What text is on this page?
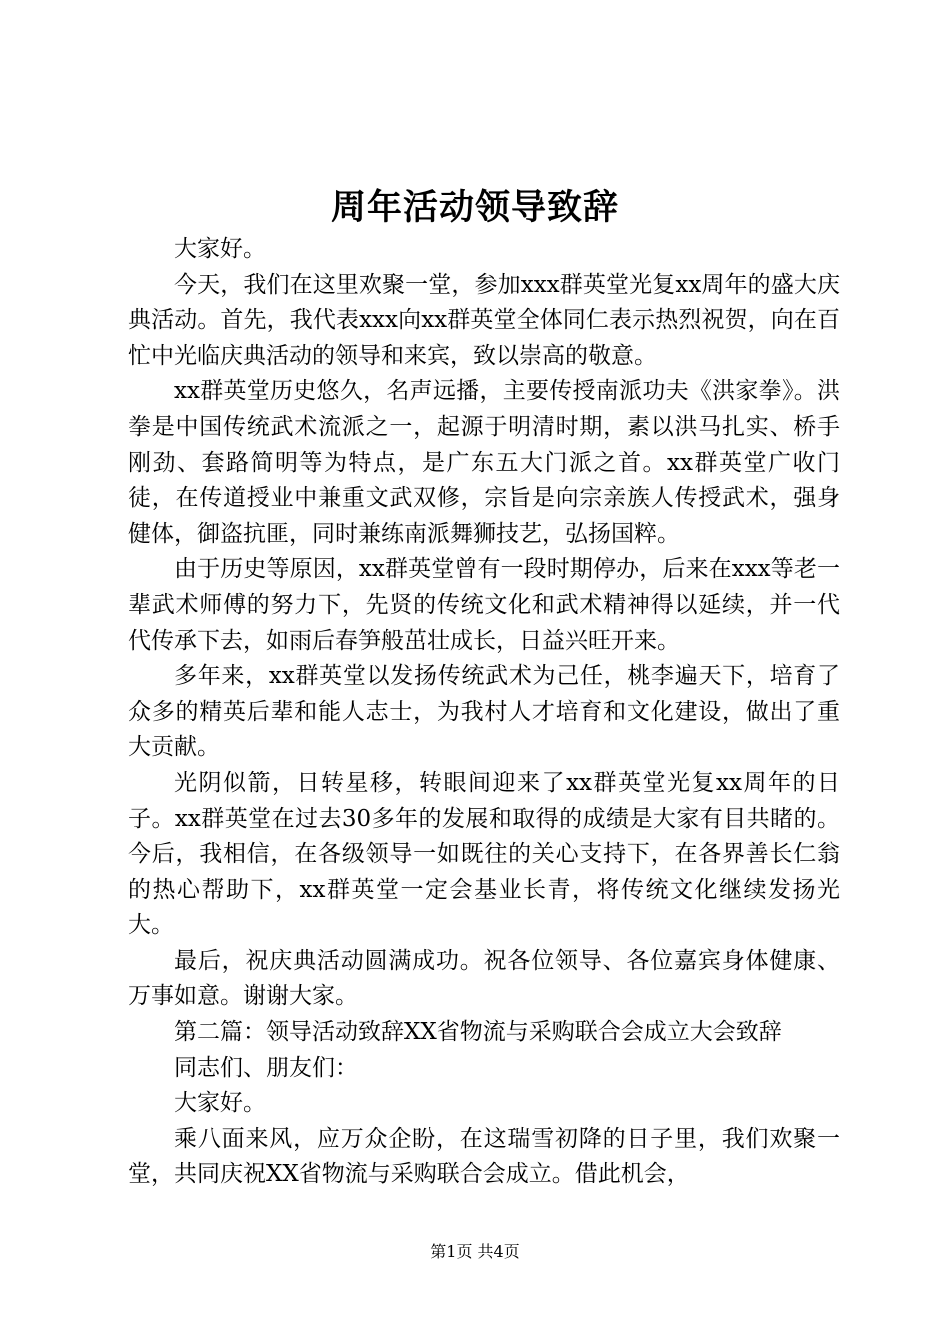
周年活动领导致辞

大家好。

今天，我们在这里欢聚一堂，参加xxx群英堂光复xx周年的盛大庆典活动。首先，我代表xxx向xx群英堂全体同仁表示热烈祝贺，向在百忙中光临庆典活动的领导和来宾，致以崇高的敬意。

xx群英堂历史悠久，名声远播，主要传授南派功夫《洪家拳》。洪拳是中国传统武术流派之一，起源于明清时期，素以洪马扎实、桥手刚劲、套路简明等为特点，是广东五大门派之首。xx群英堂广收门徒，在传道授业中兼重文武双修，宗旨是向宗亲族人传授武术，强身健体，御盗抗匪，同时兼练南派舞狮技艺，弘扬国粹。

由于历史等原因，xx群英堂曾有一段时期停办，后来在xxx等老一辈武术师傅的努力下，先贤的传统文化和武术精神得以延续，并一代代传承下去，如雨后春笋般茁壮成长，日益兴旺开来。

多年来，xx群英堂以发扬传统武术为己任，桃李遍天下，培育了众多的精英后辈和能人志士，为我村人才培育和文化建设，做出了重大贡献。

光阴似箭，日转星移，转眼间迎来了xx群英堂光复xx周年的日子。xx群英堂在过去30多年的发展和取得的成绩是大家有目共睹的。今后，我相信，在各级领导一如既往的关心支持下，在各界善长仁翁的热心帮助下，xx群英堂一定会基业长青，将传统文化继续发扬光大。

最后，祝庆典活动圆满成功。祝各位领导、各位嘉宾身体健康、万事如意。谢谢大家。

第二篇：领导活动致辞XX省物流与采购联合会成立大会致辞

同志们、朋友们：

大家好。

乘八面来风，应万众企盼，在这瑞雪初降的日子里，我们欢聚一堂，共同庆祝XX省物流与采购联合会成立。借此机会，

第1页 共4页
